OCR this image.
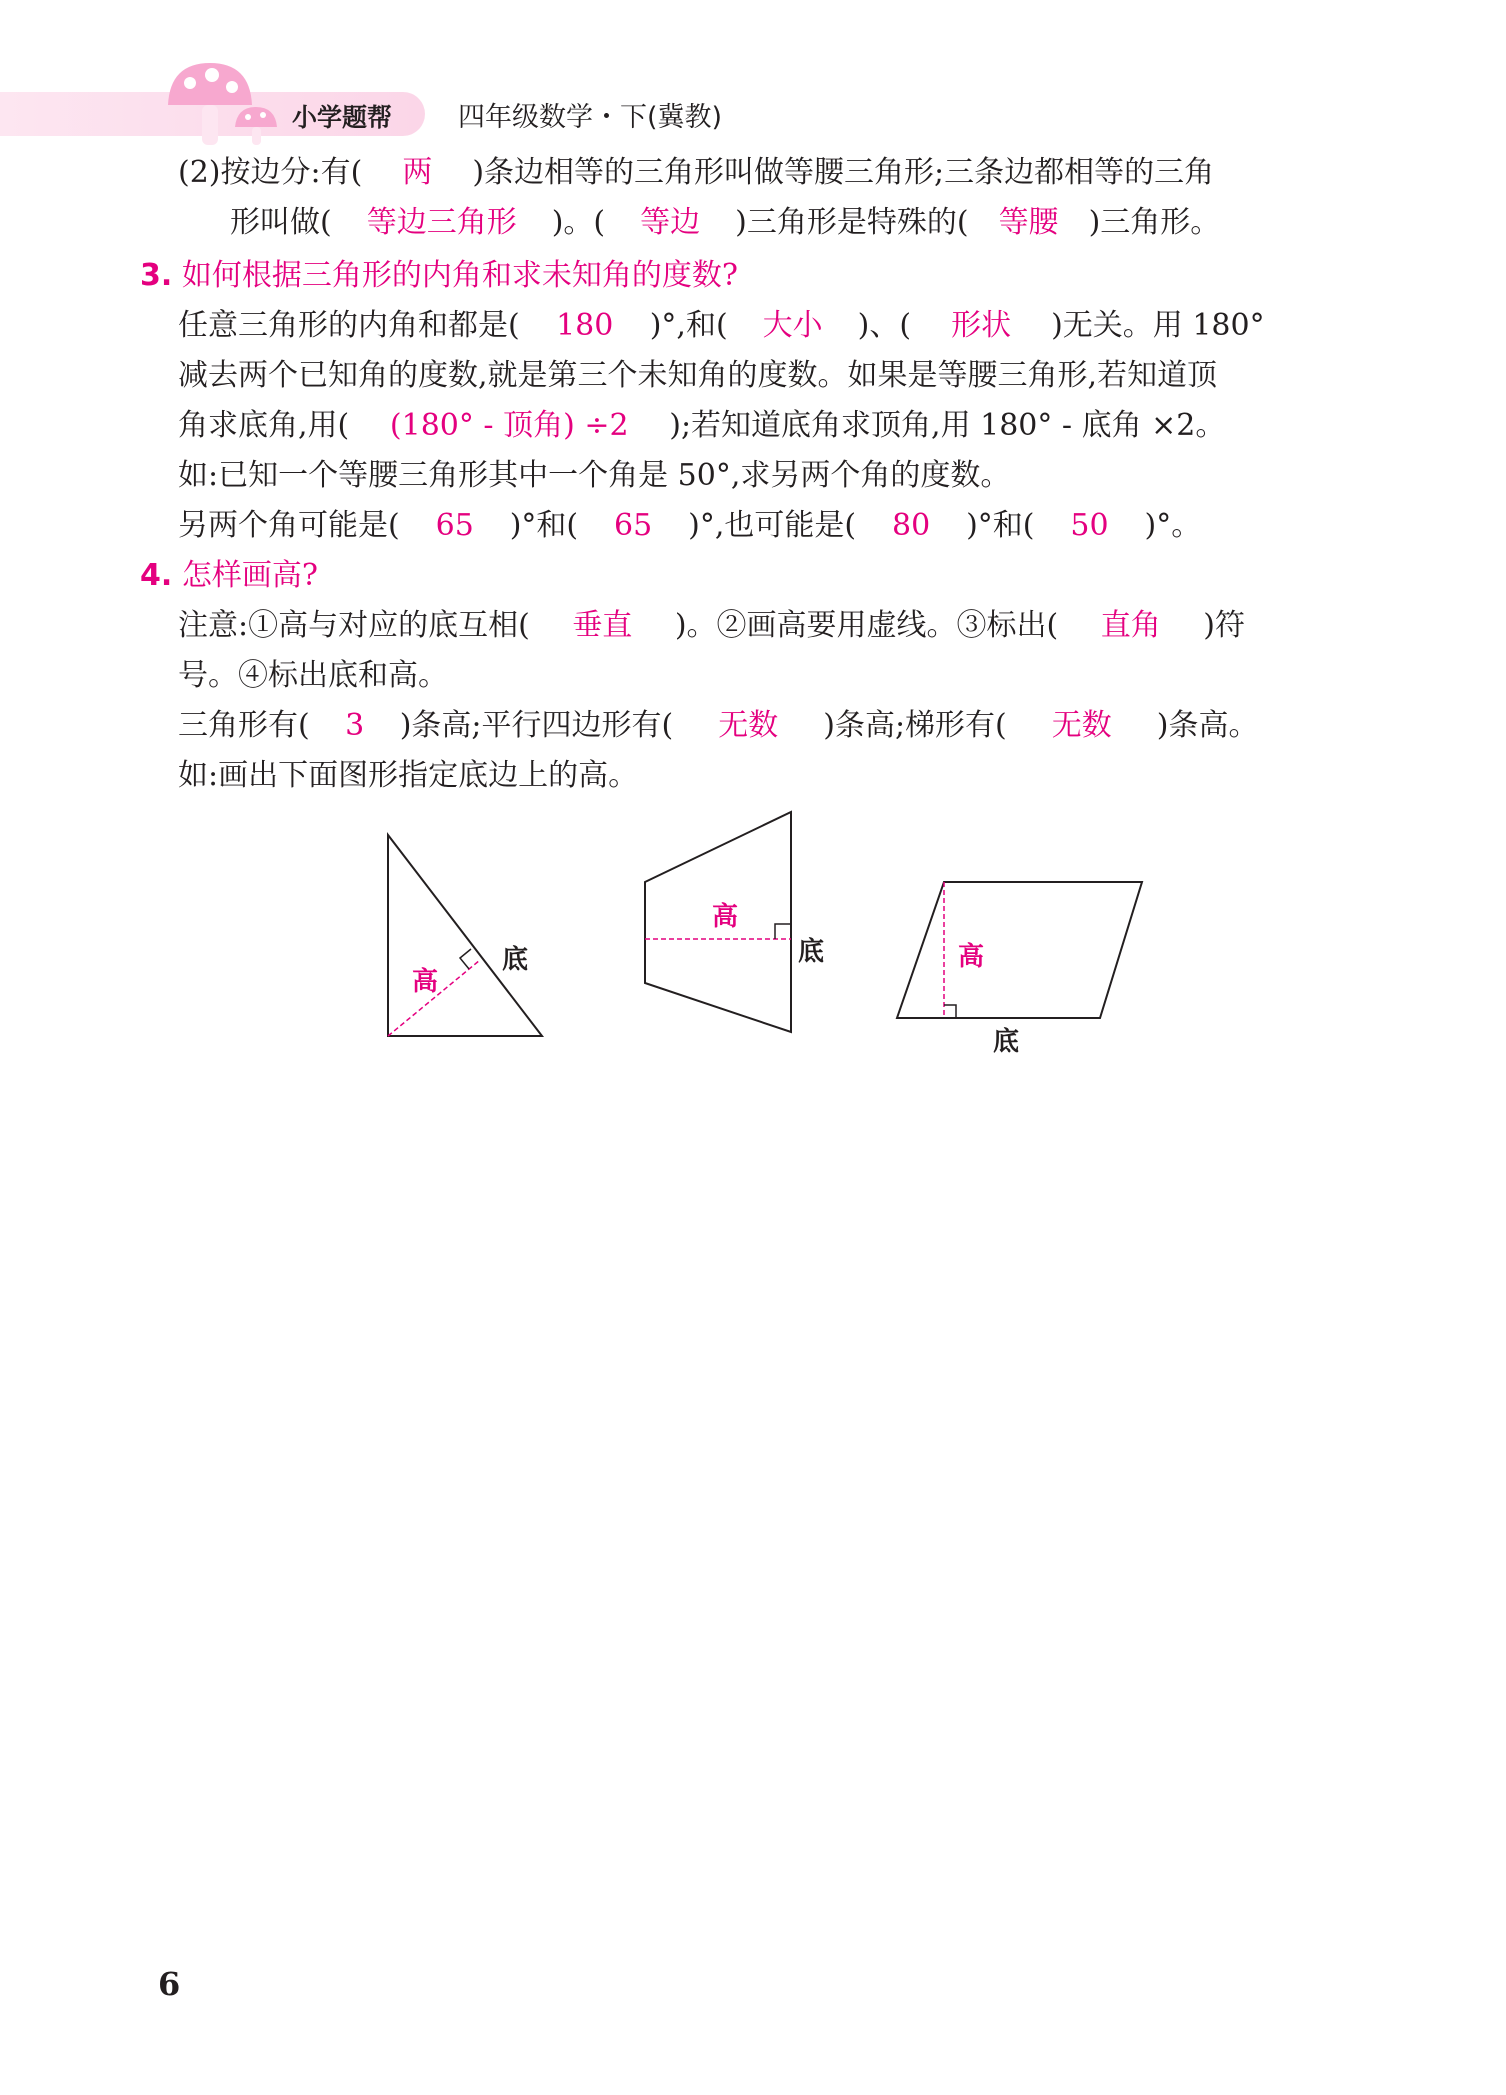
小学题帮 四年级数学・下(冀教)
(2)按边分:有( 两 )条边相等的三角形叫做等腰三角形;三条边都相等的三角
形叫做( 等边三角形 )。( 等边 )三角形是特殊的( 等腰 )三角形。
3. 如何根据三角形的内角和求未知角的度数?
任意三角形的内角和都是( 180 )°,和( 大小 )、( 形状 )无关。用 180°
减去两个已知角的度数,就是第三个未知角的度数。如果是等腰三角形,若知道顶
角求底角,用( (180° - 顶角) ÷2 );若知道底角求顶角,用 180° - 底角 ×2。
如:已知一个等腰三角形其中一个角是 50°,求另两个角的度数。
另两个角可能是( 65 )°和( 65 )°,也可能是( 80 )°和( 50 )°。
4. 怎样画高?
注意:①高与对应的底互相( 垂直 )。②画高要用虚线。③标出( 直角 )符
号。④标出底和高。
三角形有( 3 )条高;平行四边形有( 无数 )条高;梯形有( 无数 )条高。
如:画出下面图形指定底边上的高。
高
底
高
底	高
底
6
